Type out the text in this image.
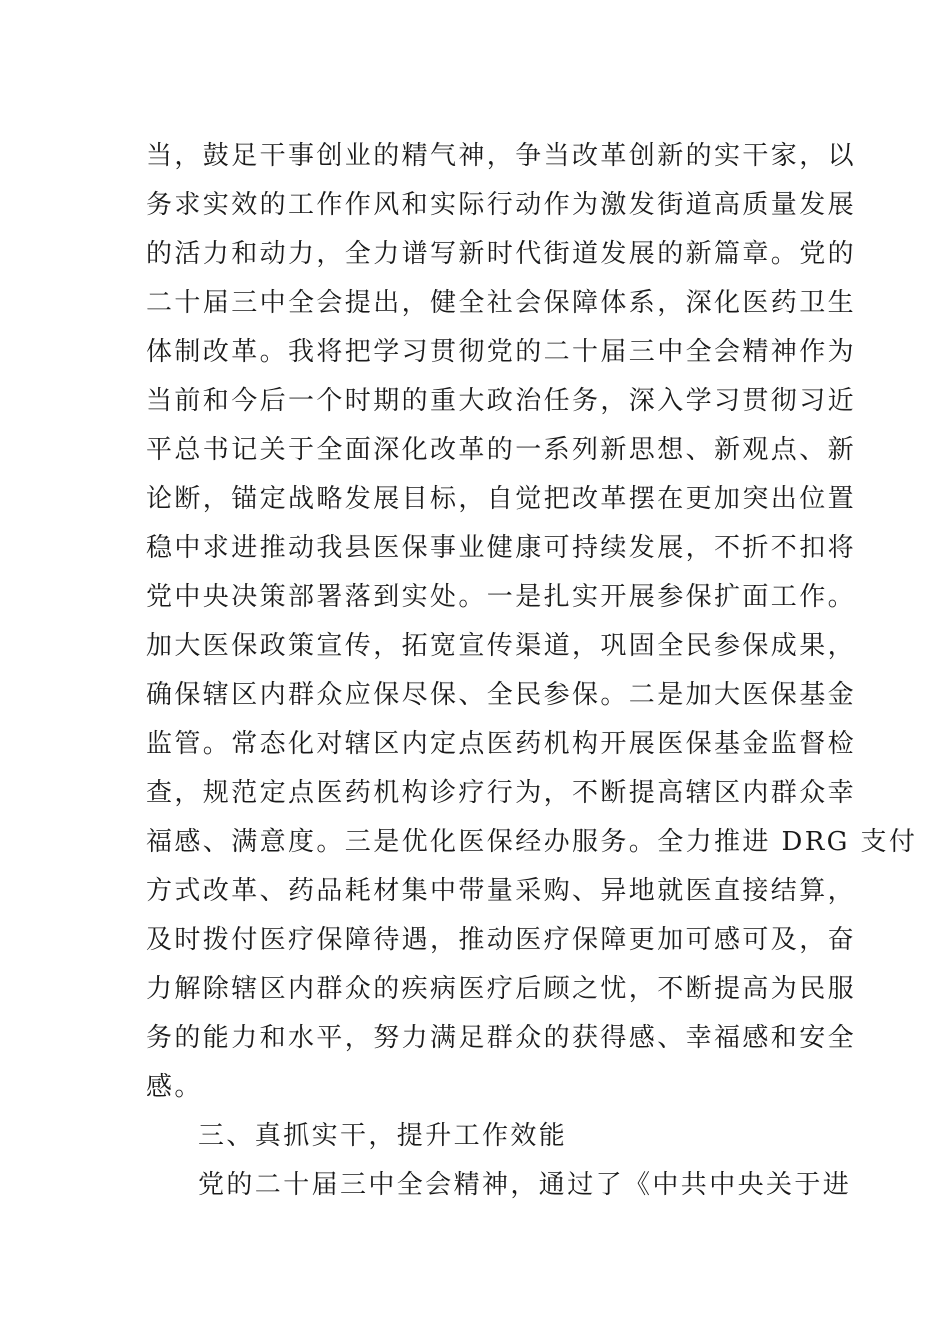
当，鼓足干事创业的精气神，争当改革创新的实干家，以
务求实效的工作作风和实际行动作为激发街道高质量发展
的活力和动力，全力谱写新时代街道发展的新篇章。党的
二十届三中全会提出，健全社会保障体系，深化医药卫生
体制改革。我将把学习贯彻党的二十届三中全会精神作为
当前和今后一个时期的重大政治任务，深入学习贯彻习近
平总书记关于全面深化改革的一系列新思想、新观点、新
论断，锚定战略发展目标，自觉把改革摆在更加突出位置
稳中求进推动我县医保事业健康可持续发展，不折不扣将
党中央决策部署落到实处。一是扎实开展参保扩面工作。
加大医保政策宣传，拓宽宣传渠道，巩固全民参保成果，
确保辖区内群众应保尽保、全民参保。二是加大医保基金
监管。常态化对辖区内定点医药机构开展医保基金监督检
查，规范定点医药机构诊疗行为，不断提高辖区内群众幸
福感、满意度。三是优化医保经办服务。全力推进 DRG 支付
方式改革、药品耗材集中带量采购、异地就医直接结算，
及时拨付医疗保障待遇，推动医疗保障更加可感可及，奋
力解除辖区内群众的疾病医疗后顾之忧，不断提高为民服
务的能力和水平，努力满足群众的获得感、幸福感和安全
感。
三、真抓实干，提升工作效能
党的二十届三中全会精神，通过了《中共中央关于进
